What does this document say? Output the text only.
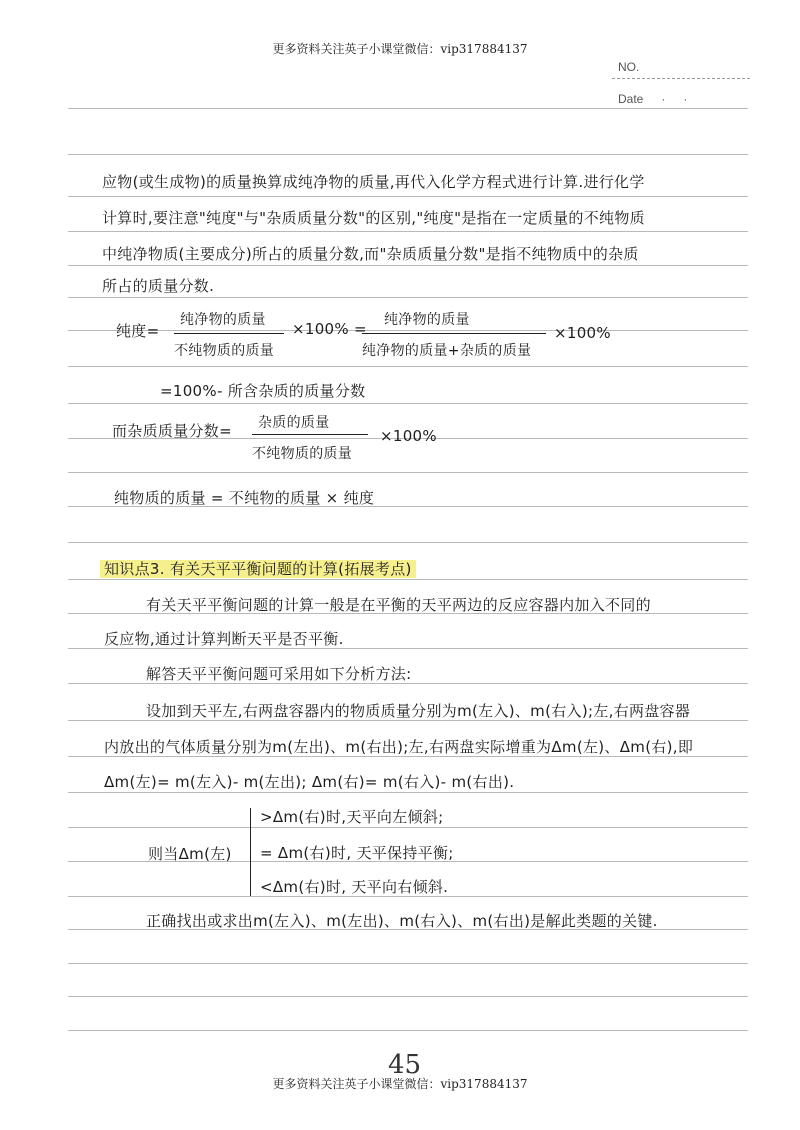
更多资料关注英子小课堂微信：vip317884137
NO.
Date · ·
应物(或生成物)的质量换算成纯净物的质量,再代入化学方程式进行计算.进行化学
计算时,要注意"纯度"与"杂质质量分数"的区别,"纯度"是指在一定质量的不纯物质
中纯净物质(主要成分)所占的质量分数,而"杂质质量分数"是指不纯物质中的杂质
所占的质量分数.
纯度=
纯净物的质量
不纯物质的质量
×100% = 纯净物的质量
纯净物的质量+杂质的质量
×100%
=100%- 所含杂质的质量分数
而杂质质量分数= 杂质的质量
不纯物质的质量
×100%
纯物质的质量 = 不纯物的质量 × 纯度
知识点3. 有关天平平衡问题的计算(拓展考点)
有关天平平衡问题的计算一般是在平衡的天平两边的反应容器内加入不同的
反应物,通过计算判断天平是否平衡.
解答天平平衡问题可采用如下分析方法:
设加到天平左,右两盘容器内的物质质量分别为m(左入)、m(右入);左,右两盘容器
内放出的气体质量分别为m(左出)、m(右出);左,右两盘实际增重为Δm(左)、Δm(右),即
Δm(左)= m(左入)- m(左出); Δm(右)= m(右入)- m(右出).
则当Δm(左)
>Δm(右)时,天平向左倾斜;
= Δm(右)时, 天平保持平衡;
<Δm(右)时, 天平向右倾斜.
正确找出或求出m(左入)、m(左出)、m(右入)、m(右出)是解此类题的关键.
45
更多资料关注英子小课堂微信：vip317884137
